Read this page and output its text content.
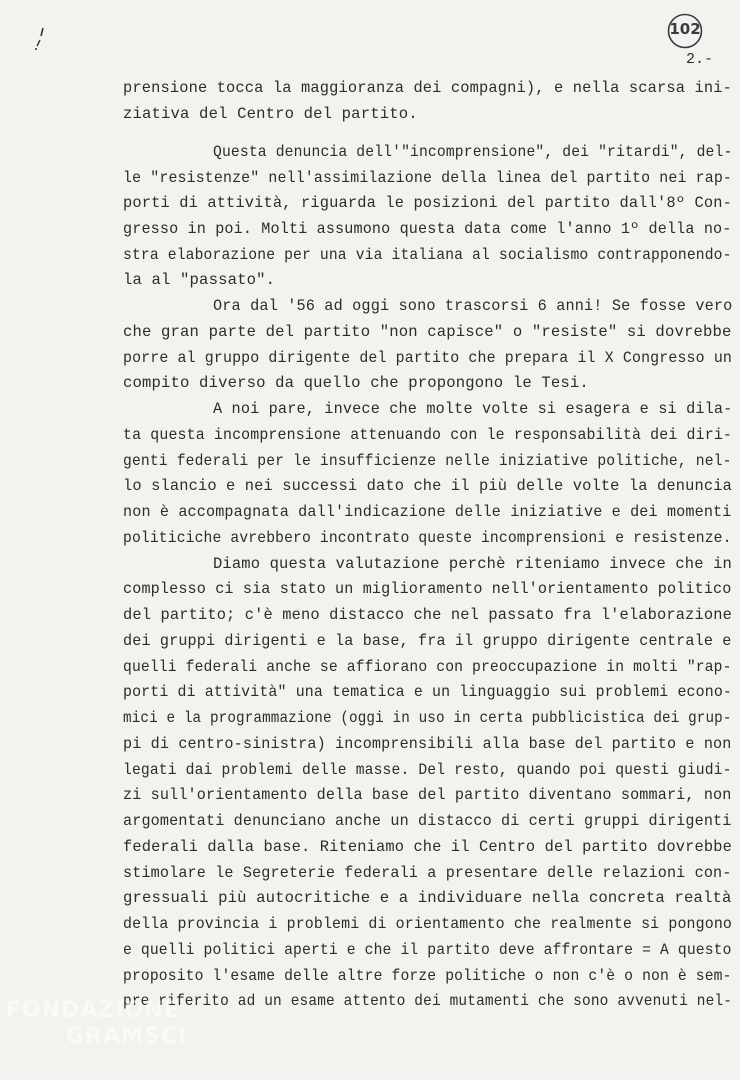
102
2.-
prensione tocca la maggioranza dei compagni), e nella scarsa ini-
ziativa del Centro del partito.
Questa denuncia dell'"incomprensione", dei "ritardi", del-
le "resistenze" nell'assimilazione della linea del partito nei rap-
porti di attività, riguarda le posizioni del partito dall'8º Con-
gresso in poi. Molti assumono questa data come l'anno 1º della no-
stra elaborazione per una via italiana al socialismo contrapponendo-
la al "passato".
Ora dal '56 ad oggi sono trascorsi 6 anni! Se fosse vero
che gran parte del partito "non capisce" o "resiste" si dovrebbe
porre al gruppo dirigente del partito che prepara il X Congresso un
compito diverso da quello che propongono le Tesi.
A noi pare, invece che molte volte si esagera e si dila-
ta questa incomprensione attenuando con le responsabilità dei diri-
genti federali per le insufficienze nelle iniziative politiche, nel-
lo slancio e nei successi dato che il più delle volte la denuncia
non è accompagnata dall'indicazione delle iniziative e dei momenti
politiciche avrebbero incontrato queste incomprensioni e resistenze.
Diamo questa valutazione perchè riteniamo invece che in
complesso ci sia stato un miglioramento nell'orientamento politico
del partito; c'è meno distacco che nel passato fra l'elaborazione
dei gruppi dirigenti e la base, fra il gruppo dirigente centrale e
quelli federali anche se affiorano con preoccupazione in molti "rap-
porti di attività" una tematica e un linguaggio sui problemi econo-
mici e la programmazione (oggi in uso in certa pubblicistica dei grup-
pi di centro-sinistra) incomprensibili alla base del partito e non
legati dai problemi delle masse. Del resto, quando poi questi giudi-
zi sull'orientamento della base del partito diventano sommari, non
argomentati denunciano anche un distacco di certi gruppi dirigenti
federali dalla base. Riteniamo che il Centro del partito dovrebbe
stimolare le Segreterie federali a presentare delle relazioni con-
gressuali più autocritiche e a individuare nella concreta realtà
della provincia i problemi di orientamento che realmente si pongono
e quelli politici aperti e che il partito deve affrontare = A questo
proposito l'esame delle altre forze politiche o non c'è o non è sem-
pre riferito ad un esame attento dei mutamenti che sono avvenuti nel-
FONDAZIONE
GRAMSCI
